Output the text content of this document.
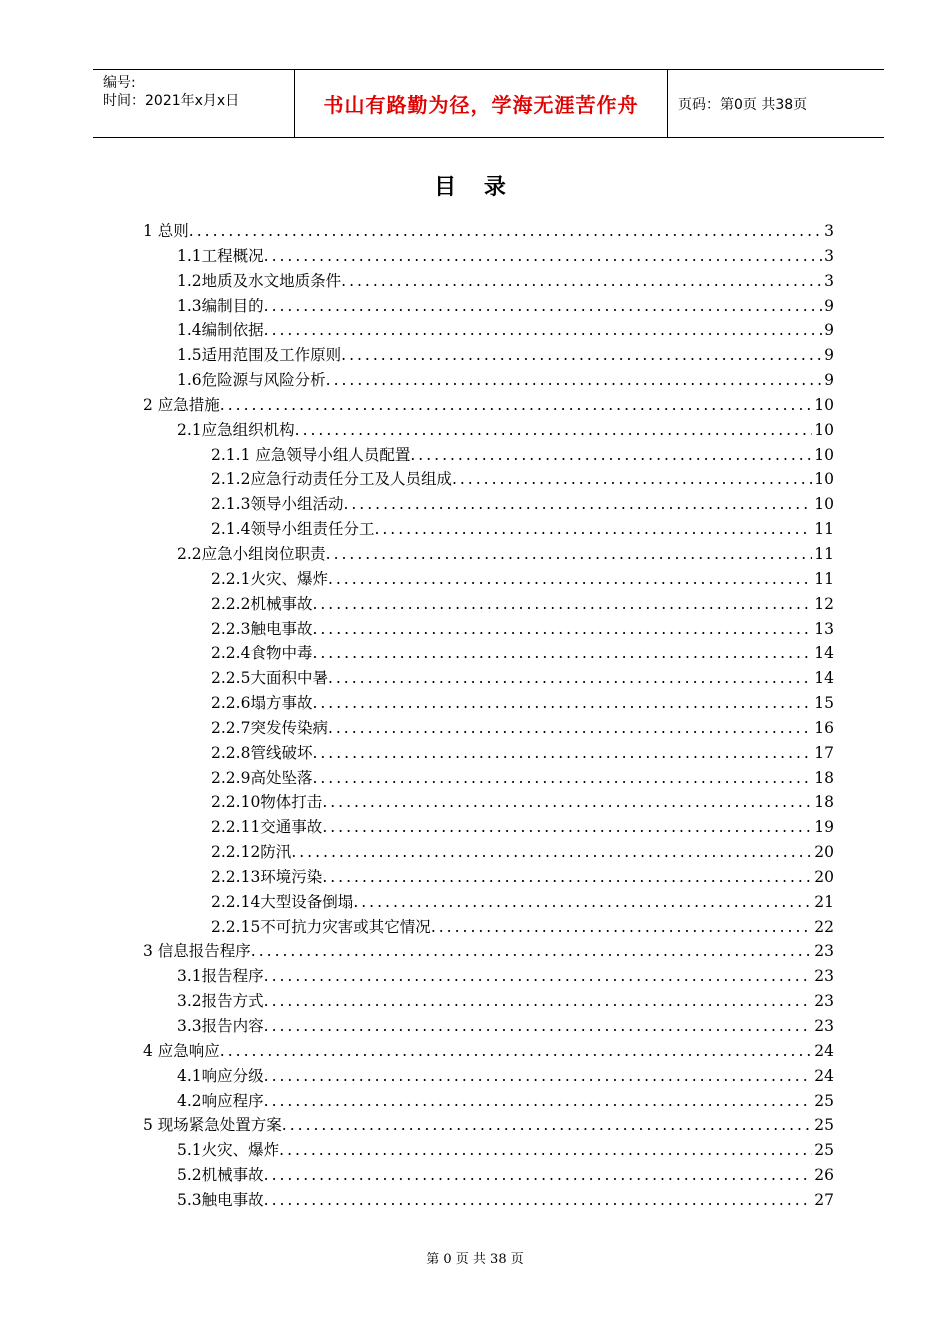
编号:
时间：2021年x月x日	书山有路勤为径，学海无涯苦作舟	页码：第0页 共38页
目 录
1 总则 .....	3
1.1工程概况 .....	3
1.2地质及水文地质条件 .....	3
1.3编制目的 .....	9
1.4编制依据 .....	9
1.5适用范围及工作原则 .....	9
1.6危险源与风险分析 .....	9
2 应急措施 .....	10
2.1应急组织机构 .....	10
2.1.1 应急领导小组人员配置 .....	10
2.1.2应急行动责任分工及人员组成 .....	10
2.1.3领导小组活动 .....	10
2.1.4领导小组责任分工 .....	11
2.2应急小组岗位职责 .....	11
2.2.1火灾、爆炸 .....	11
2.2.2机械事故 .....	12
2.2.3触电事故 .....	13
2.2.4食物中毒 .....	14
2.2.5大面积中暑 .....	14
2.2.6塌方事故 .....	15
2.2.7突发传染病 .....	16
2.2.8管线破坏 .....	17
2.2.9高处坠落 .....	18
2.2.10物体打击 .....	18
2.2.11交通事故 .....	19
2.2.12防汛 .....	20
2.2.13环境污染 .....	20
2.2.14大型设备倒塌 .....	21
2.2.15不可抗力灾害或其它情况 .....	22
3 信息报告程序 .....	23
3.1报告程序 .....	23
3.2报告方式 .....	23
3.3报告内容 .....	23
4 应急响应 .....	24
4.1响应分级 .....	24
4.2响应程序 .....	25
5 现场紧急处置方案 .....	25
5.1火灾、爆炸 .....	25
5.2机械事故 .....	26
5.3触电事故 .....	27
第 0 页 共 38 页
